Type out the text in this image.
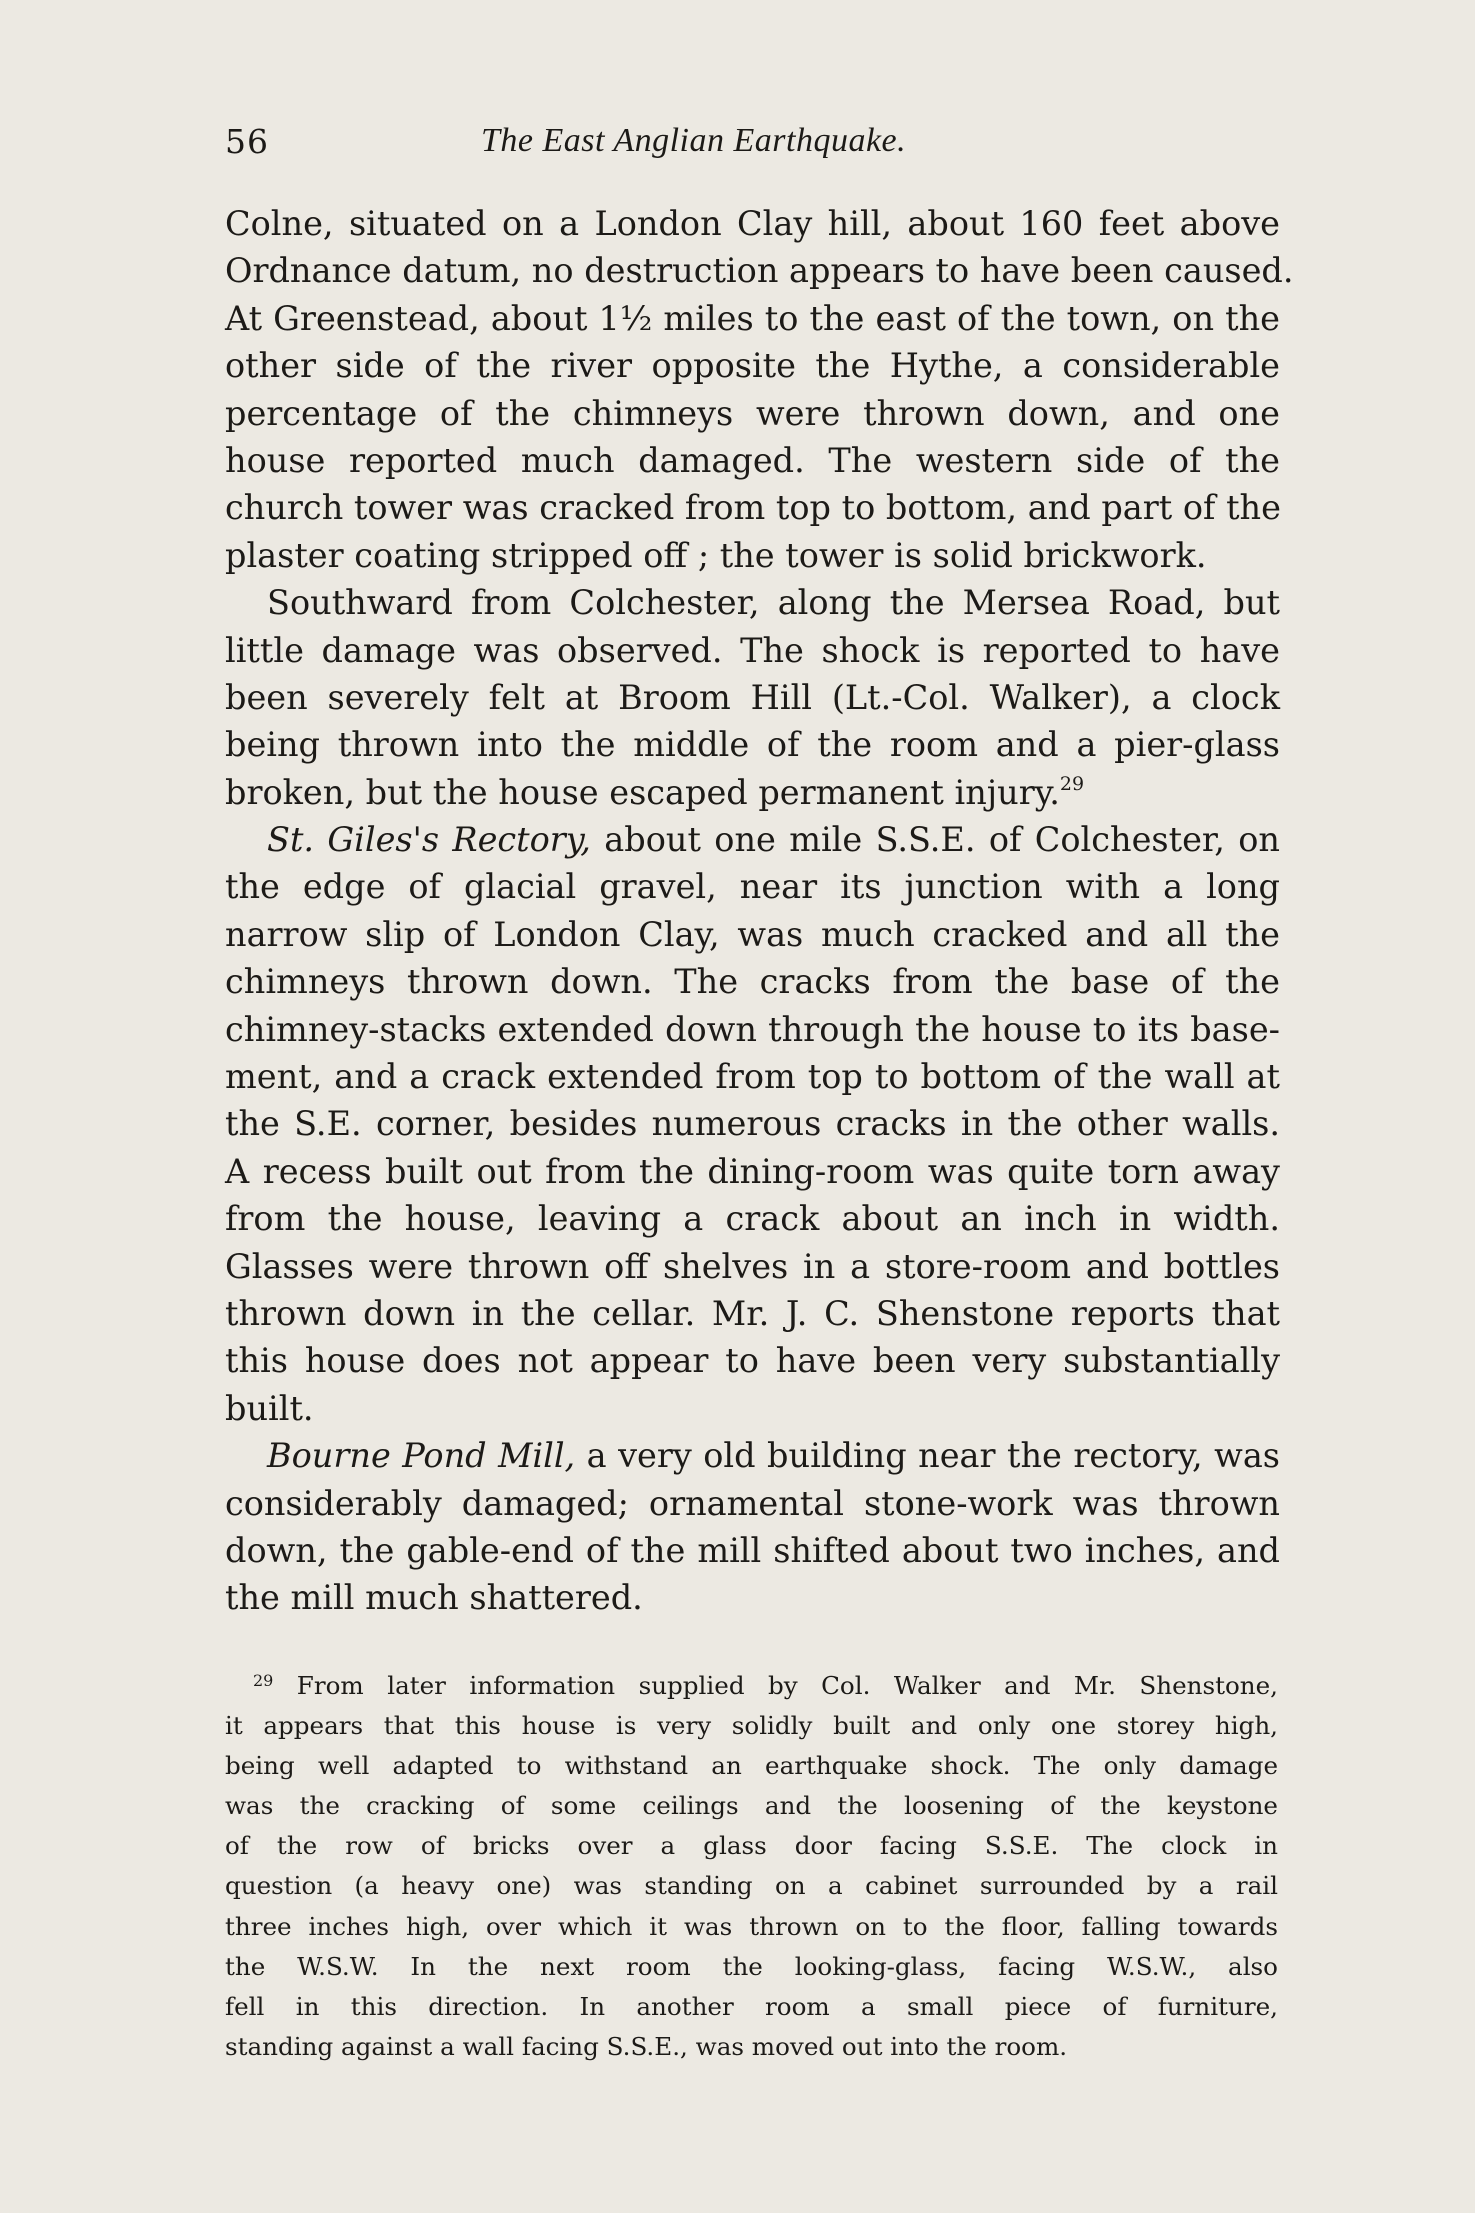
56	The East Anglian Earthquake.
Colne, situated on a London Clay hill, about 160 feet above
Ordnance datum, no destruction appears to have been caused.
At Greenstead, about 1½ miles to the east of the town, on the
other side of the river opposite the Hythe, a considerable
percentage of the chimneys were thrown down, and one
house reported much damaged. The western side of the
church tower was cracked from top to bottom, and part of the
plaster coating stripped off ; the tower is solid brickwork.
Southward from Colchester, along the Mersea Road, but
little damage was observed. The shock is reported to have
been severely felt at Broom Hill (Lt.-Col. Walker), a clock
being thrown into the middle of the room and a pier-glass
broken, but the house escaped permanent injury.$^{29}$
St. Giles's Rectory, about one mile S.S.E. of Colchester, on
the edge of glacial gravel, near its junction with a long
narrow slip of London Clay, was much cracked and all the
chimneys thrown down. The cracks from the base of the
chimney-stacks extended down through the house to its base-
ment, and a crack extended from top to bottom of the wall at
the S.E. corner, besides numerous cracks in the other walls.
A recess built out from the dining-room was quite torn away
from the house, leaving a crack about an inch in width.
Glasses were thrown off shelves in a store-room and bottles
thrown down in the cellar. Mr. J. C. Shenstone reports that
this house does not appear to have been very substantially
built.
Bourne Pond Mill, a very old building near the rectory, was
considerably damaged; ornamental stone-work was thrown
down, the gable-end of the mill shifted about two inches, and
the mill much shattered.
$^{29}$ From later information supplied by Col. Walker and Mr. Shenstone,
it appears that this house is very solidly built and only one storey high,
being well adapted to withstand an earthquake shock. The only damage
was the cracking of some ceilings and the loosening of the keystone
of the row of bricks over a glass door facing S.S.E. The clock in
question (a heavy one) was standing on a cabinet surrounded by a rail
three inches high, over which it was thrown on to the floor, falling towards
the W.S.W. In the next room the looking-glass, facing W.S.W., also
fell in this direction. In another room a small piece of furniture,
standing against a wall facing S.S.E., was moved out into the room.
